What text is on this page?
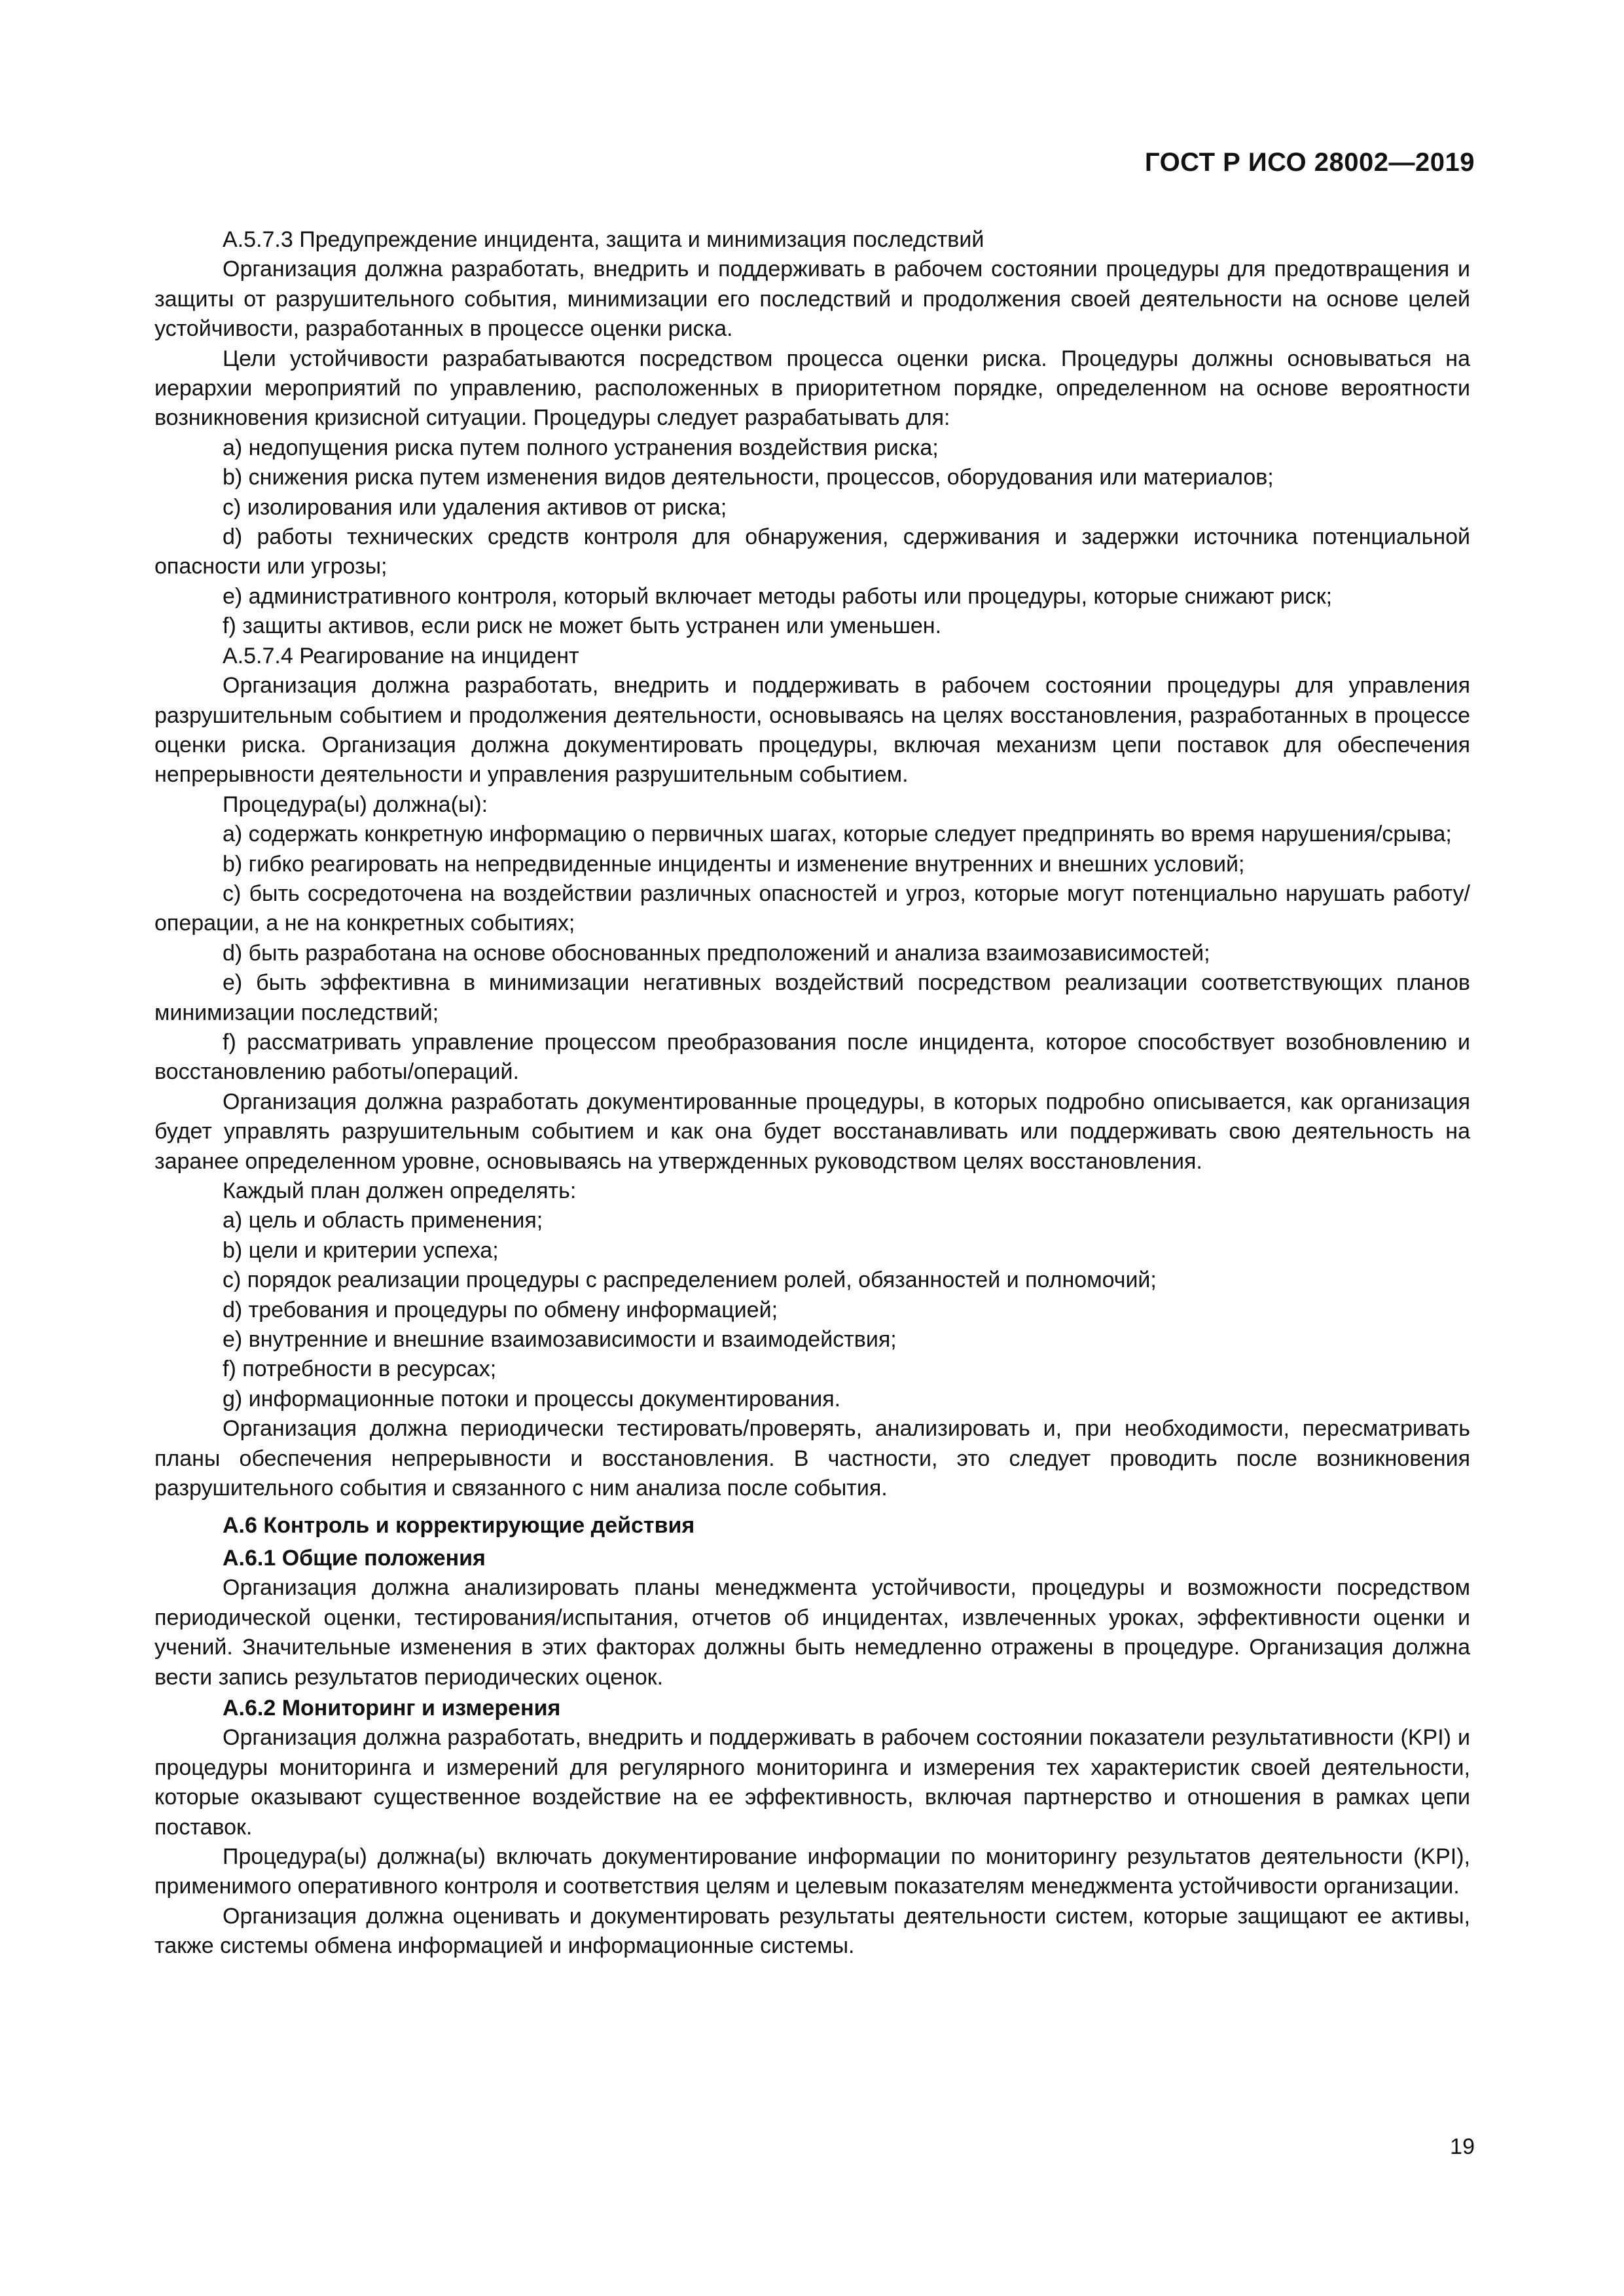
ГОСТ Р ИСО 28002—2019

А.5.7.3 Предупреждение инцидента, защита и минимизация последствий

Организация должна разработать, внедрить и поддерживать в рабочем состоянии процедуры для предотвращения и защиты от разрушительного события, минимизации его последствий и продолжения своей деятельности на основе целей устойчивости, разработанных в процессе оценки риска.

Цели устойчивости разрабатываются посредством процесса оценки риска. Процедуры должны основываться на иерархии мероприятий по управлению, расположенных в приоритетном порядке, определенном на основе вероятности возникновения кризисной ситуации. Процедуры следует разрабатывать для:

a) недопущения риска путем полного устранения воздействия риска;

b) снижения риска путем изменения видов деятельности, процессов, оборудования или материалов;

c) изолирования или удаления активов от риска;

d) работы технических средств контроля для обнаружения, сдерживания и задержки источника потенциальной опасности или угрозы;

e) административного контроля, который включает методы работы или процедуры, которые снижают риск;

f) защиты активов, если риск не может быть устранен или уменьшен.

А.5.7.4 Реагирование на инцидент

Организация должна разработать, внедрить и поддерживать в рабочем состоянии процедуры для управления разрушительным событием и продолжения деятельности, основываясь на целях восстановления, разработанных в процессе оценки риска. Организация должна документировать процедуры, включая механизм цепи поставок для обеспечения непрерывности деятельности и управления разрушительным событием.

Процедура(ы) должна(ы):

a) содержать конкретную информацию о первичных шагах, которые следует предпринять во время нарушения/срыва;

b) гибко реагировать на непредвиденные инциденты и изменение внутренних и внешних условий;

c) быть сосредоточена на воздействии различных опасностей и угроз, которые могут потенциально нарушать работу/операции, а не на конкретных событиях;

d) быть разработана на основе обоснованных предположений и анализа взаимозависимостей;

e) быть эффективна в минимизации негативных воздействий посредством реализации соответствующих планов минимизации последствий;

f) рассматривать управление процессом преобразования после инцидента, которое способствует возобновлению и восстановлению работы/операций.

Организация должна разработать документированные процедуры, в которых подробно описывается, как организация будет управлять разрушительным событием и как она будет восстанавливать или поддерживать свою деятельность на заранее определенном уровне, основываясь на утвержденных руководством целях восстановления.

Каждый план должен определять:

a) цель и область применения;

b) цели и критерии успеха;

c) порядок реализации процедуры с распределением ролей, обязанностей и полномочий;

d) требования и процедуры по обмену информацией;

e) внутренние и внешние взаимозависимости и взаимодействия;

f) потребности в ресурсах;

g) информационные потоки и процессы документирования.

Организация должна периодически тестировать/проверять, анализировать и, при необходимости, пересматривать планы обеспечения непрерывности и восстановления. В частности, это следует проводить после возникновения разрушительного события и связанного с ним анализа после события.

А.6 Контроль и корректирующие действия

А.6.1 Общие положения

Организация должна анализировать планы менеджмента устойчивости, процедуры и возможности посредством периодической оценки, тестирования/испытания, отчетов об инцидентах, извлеченных уроках, эффективности оценки и учений. Значительные изменения в этих факторах должны быть немедленно отражены в процедуре. Организация должна вести запись результатов периодических оценок.

А.6.2 Мониторинг и измерения

Организация должна разработать, внедрить и поддерживать в рабочем состоянии показатели результативности (KPI) и процедуры мониторинга и измерений для регулярного мониторинга и измерения тех характеристик своей деятельности, которые оказывают существенное воздействие на ее эффективность, включая партнерство и отношения в рамках цепи поставок.

Процедура(ы) должна(ы) включать документирование информации по мониторингу результатов деятельности (KPI), применимого оперативного контроля и соответствия целям и целевым показателям менеджмента устойчивости организации.

Организация должна оценивать и документировать результаты деятельности систем, которые защищают ее активы, также системы обмена информацией и информационные системы.

19
